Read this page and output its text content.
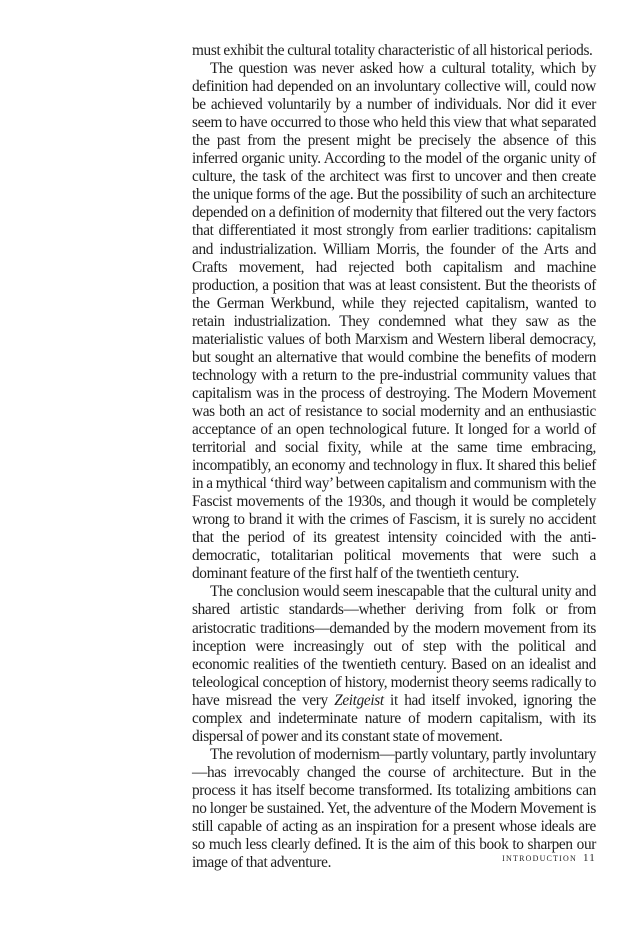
must exhibit the cultural totality characteristic of all historical periods.

The question was never asked how a cultural totality, which by definition had depended on an involuntary collective will, could now be achieved voluntarily by a number of individuals. Nor did it ever seem to have occurred to those who held this view that what separated the past from the present might be precisely the absence of this inferred organic unity. According to the model of the organic unity of culture, the task of the architect was first to uncover and then create the unique forms of the age. But the possibility of such an architecture depended on a definition of modernity that filtered out the very factors that differentiated it most strongly from earlier traditions: capitalism and industrialization. William Morris, the founder of the Arts and Crafts movement, had rejected both capitalism and machine production, a position that was at least consistent. But the theorists of the German Werkbund, while they rejected capitalism, wanted to retain industrialization. They condemned what they saw as the materialistic values of both Marxism and Western liberal democracy, but sought an alternative that would combine the benefits of modern technology with a return to the pre-industrial community values that capitalism was in the process of destroying. The Modern Movement was both an act of resistance to social modernity and an enthusiastic acceptance of an open technological future. It longed for a world of territorial and social fixity, while at the same time embracing, incompatibly, an economy and technology in flux. It shared this belief in a mythical ‘third way’ between capitalism and communism with the Fascist movements of the 1930s, and though it would be completely wrong to brand it with the crimes of Fascism, it is surely no accident that the period of its greatest intensity coincided with the anti-democratic, totalitarian political movements that were such a dominant feature of the first half of the twentieth century.

The conclusion would seem inescapable that the cultural unity and shared artistic standards—whether deriving from folk or from aristocratic traditions—demanded by the modern movement from its inception were increasingly out of step with the political and economic realities of the twentieth century. Based on an idealist and teleological conception of history, modernist theory seems radically to have misread the very Zeitgeist it had itself invoked, ignoring the complex and indeterminate nature of modern capitalism, with its dispersal of power and its constant state of movement.

The revolution of modernism—partly voluntary, partly involuntary—has irrevocably changed the course of architecture. But in the process it has itself become transformed. Its totalizing ambitions can no longer be sustained. Yet, the adventure of the Modern Movement is still capable of acting as an inspiration for a present whose ideals are so much less clearly defined. It is the aim of this book to sharpen our image of that adventure.	introduction 11
